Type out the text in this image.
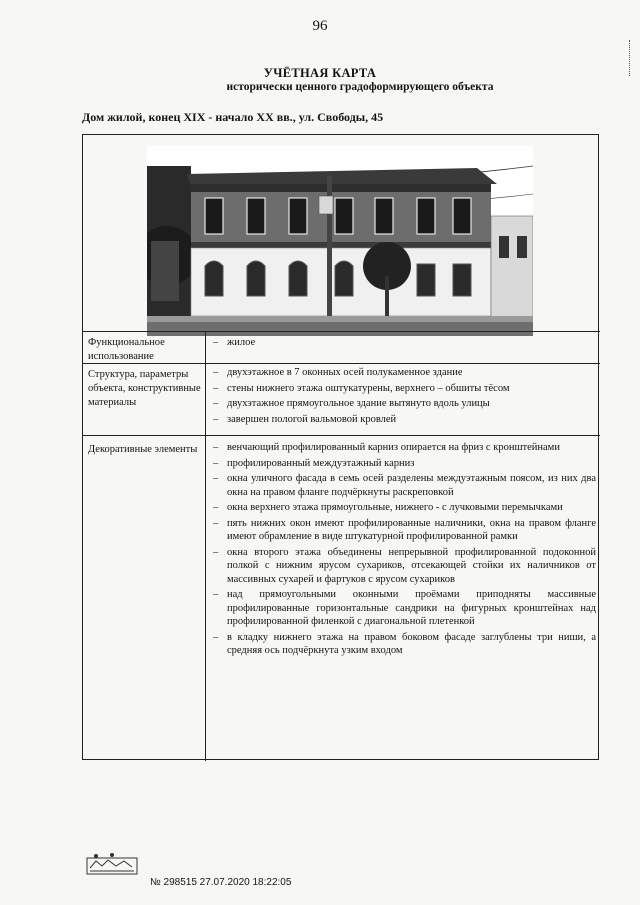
96
УЧЁТНАЯ КАРТА
исторически ценного градоформирующего объекта
Дом жилой, конец XIX - начало XX вв., ул. Свободы, 45
Функциональное использование
– жилое
Структура, параметры объекта, конструктивные материалы
– двухэтажное в 7 оконных осей полукаменное здание
– стены нижнего этажа оштукатурены, верхнего – обшиты тёсом
– двухэтажное прямоугольное здание вытянуто вдоль улицы
– завершен пологой вальмовой кровлей
Декоративные элементы	– венчающий профилированный карниз опирается на фриз с кронштейнами
– профилированный междуэтажный карниз
– окна уличного фасада в семь осей разделены междуэтажным поясом, из них два окна на правом фланге подчёркнуты раскреповкой
– окна верхнего этажа прямоугольные, нижнего - с лучковыми перемычками
– пять нижних окон имеют профилированные наличники, окна на правом фланге имеют обрамление в виде штукатурной профилированной рамки
– окна второго этажа объединены непрерывной профилированной подоконной полкой с нижним ярусом сухариков, отсекающей стойки их наличников от массивных сухарей и фартуков с ярусом сухариков
– над прямоугольными оконными проёмами приподняты массивные профилированные горизонтальные сандрики на фигурных кронштейнах над профилированной филенкой с диагональной плетенкой
– в кладку нижнего этажа на правом боковом фасаде заглублены три ниши, а средняя ось подчёркнута узким входом
№ 298515 27.07.2020 18:22:05
